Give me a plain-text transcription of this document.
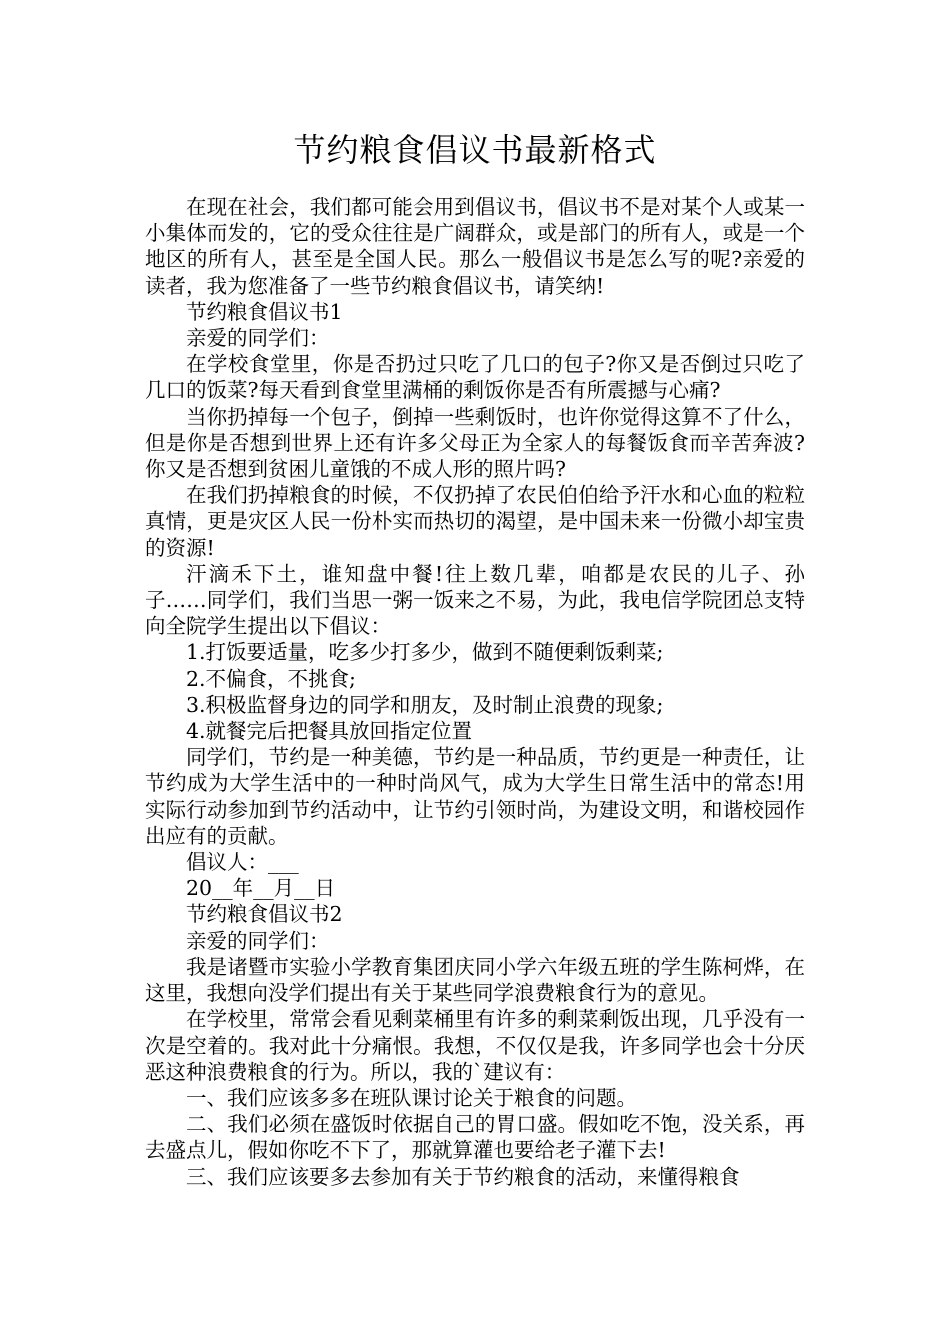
节约粮食倡议书最新格式

在现在社会，我们都可能会用到倡议书，倡议书不是对某个人或某一小集体而发的，它的受众往往是广阔群众，或是部门的所有人，或是一个地区的所有人，甚至是全国人民。那么一般倡议书是怎么写的呢?亲爱的读者，我为您准备了一些节约粮食倡议书，请笑纳!

节约粮食倡议书1

亲爱的同学们：

在学校食堂里，你是否扔过只吃了几口的包子?你又是否倒过只吃了几口的饭菜?每天看到食堂里满桶的剩饭你是否有所震撼与心痛?

当你扔掉每一个包子，倒掉一些剩饭时，也许你觉得这算不了什么，但是你是否想到世界上还有许多父母正为全家人的每餐饭食而辛苦奔波?你又是否想到贫困儿童饿的不成人形的照片吗?

在我们扔掉粮食的时候，不仅扔掉了农民伯伯给予汗水和心血的粒粒真情，更是灾区人民一份朴实而热切的渴望，是中国未来一份微小却宝贵的资源!

汗滴禾下土，谁知盘中餐!往上数几辈，咱都是农民的儿子、孙子……同学们，我们当思一粥一饭来之不易，为此，我电信学院团总支特向全院学生提出以下倡议：

1.打饭要适量，吃多少打多少，做到不随便剩饭剩菜;

2.不偏食，不挑食;

3.积极监督身边的同学和朋友，及时制止浪费的现象;

4.就餐完后把餐具放回指定位置

同学们，节约是一种美德，节约是一种品质，节约更是一种责任，让节约成为大学生活中的一种时尚风气，成为大学生日常生活中的常态!用实际行动参加到节约活动中，让节约引领时尚，为建设文明，和谐校园作出应有的贡献。

倡议人：___

20__年__月__日

节约粮食倡议书2

亲爱的同学们：

我是诸暨市实验小学教育集团庆同小学六年级五班的学生陈柯烨，在这里，我想向没学们提出有关于某些同学浪费粮食行为的意见。

在学校里，常常会看见剩菜桶里有许多的剩菜剩饭出现，几乎没有一次是空着的。我对此十分痛恨。我想，不仅仅是我，许多同学也会十分厌恶这种浪费粮食的行为。所以，我的`建议有：

一、我们应该多多在班队课讨论关于粮食的问题。

二、我们必须在盛饭时依据自己的胃口盛。假如吃不饱，没关系，再去盛点儿，假如你吃不下了，那就算灌也要给老子灌下去!

三、我们应该要多去参加有关于节约粮食的活动，来懂得粮食
